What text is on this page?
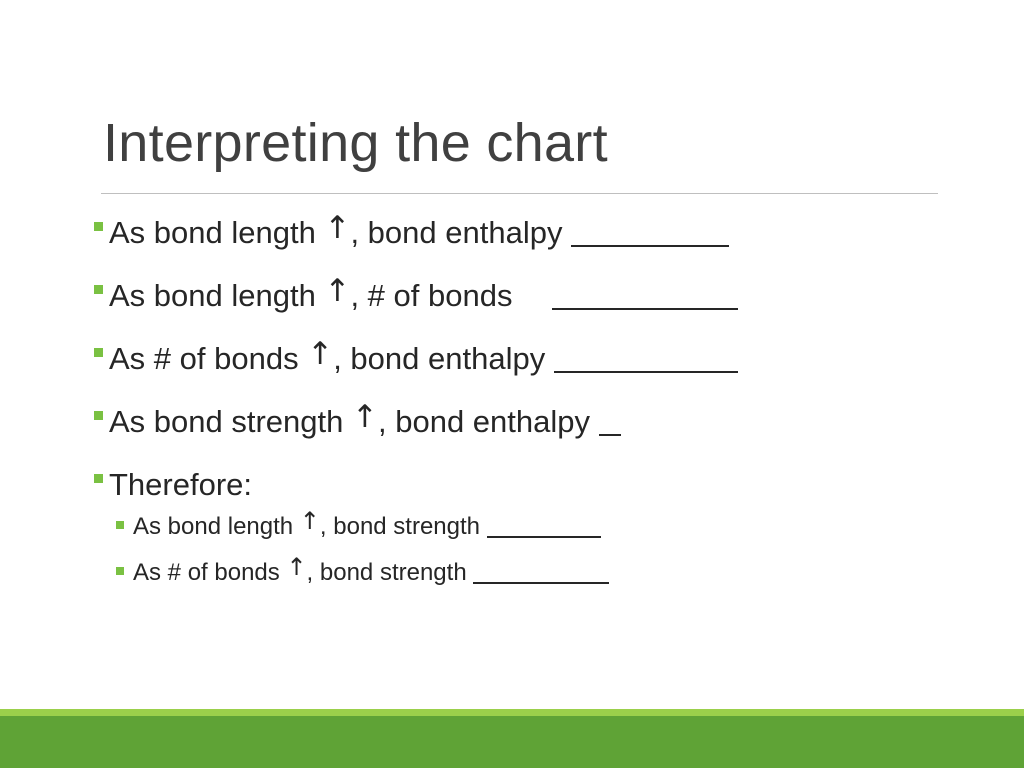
Interpreting the chart
As bond length ↑, bond enthalpy
As bond length ↑, # of bonds
As # of bonds ↑, bond enthalpy
As bond strength ↑, bond enthalpy
Therefore:
As bond length ↑, bond strength
As # of bonds ↑, bond strength
